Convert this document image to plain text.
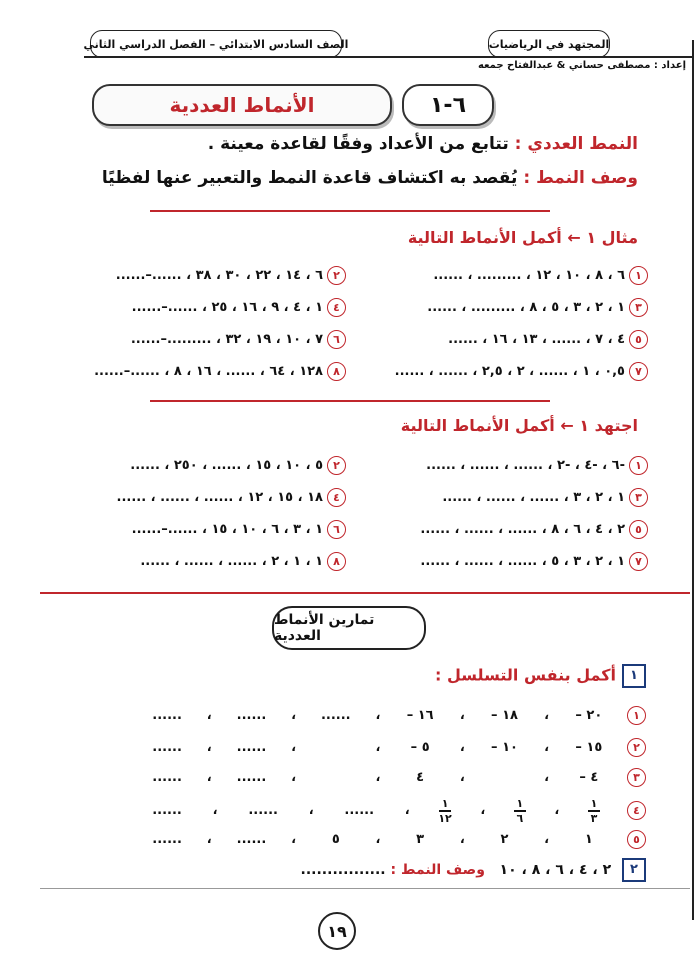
المجتهد في الرياضيات
الصف السادس الابتدائي – الفصل الدراسي الثاني
إعداد : مصطفى حساني & عبدالفتاح جمعه
٦-١
الأنماط العددية
النمط العددي : تتابع من الأعداد وفقًا لقاعدة معينة .
وصف النمط : يُقصد به اكتشاف قاعدة النمط والتعبير عنها لفظيًا
مثال ١ ← أكمل الأنماط التالية
١٦ ، ٨ ، ١٠ ، ١٢ ، ......... ، ......
٢٦ ، ١٤ ، ٢٢ ، ٣٠ ، ٣٨ ، ......–......
٣١ ، ٢ ، ٣ ، ٥ ، ٨ ، ......... ، ......
٤١ ، ٤ ، ٩ ، ١٦ ، ٢٥ ، ......–......
٥٤ ، ٧ ، ...... ، ١٣ ، ١٦ ، ......
٦٧ ، ١٠ ، ١٩ ، ٣٢ ، .........–......
٧٠,٥ ، ١ ، ...... ، ٢ ، ٢,٥ ، ...... ، ......
٨١٢٨ ، ٦٤ ، ...... ، ١٦ ، ٨ ، ......–......
اجتهد ١ ← أكمل الأنماط التالية
١-٦ ، -٤ ، -٢ ، ...... ، ...... ، ......
٢٥ ، ١٠ ، ١٥ ، ...... ، ٢٥٠ ، ......
٣١ ، ٢ ، ٣ ، ...... ، ...... ، ......
٤١٨ ، ١٥ ، ١٢ ، ...... ، ...... ، ......
٥٢ ، ٤ ، ٦ ، ٨ ، ...... ، ...... ، ......
٦١ ، ٣ ، ٦ ، ١٠ ، ١٥ ، ......–......
٧١ ، ٢ ، ٣ ، ٥ ، ...... ، ...... ، ......
٨١ ، ١ ، ٢ ، ...... ، ...... ، ......
تمارين الأنماط العددية
١أكمل بنفس التسلسل :
١
٢٠ –
،
١٨ –
،
١٦ –
،
......
،
......
،
......
٢
١٥ –
،
١٠ –
،
٥ –
،
،
......
،
......
٣
٤ –
،
،
٤
،
،
......
،
......
٤
$\frac{١}{٣}$
،
$\frac{١}{٦}$
،
$\frac{١}{١٢}$
،
......
،
......
،
......
٥
١
،
٢
،
٣
،
٥
،
......
،
......
٢ ٢ ، ٤ ، ٦ ، ٨ ، ١٠   وصف النمط : ................
١٩
